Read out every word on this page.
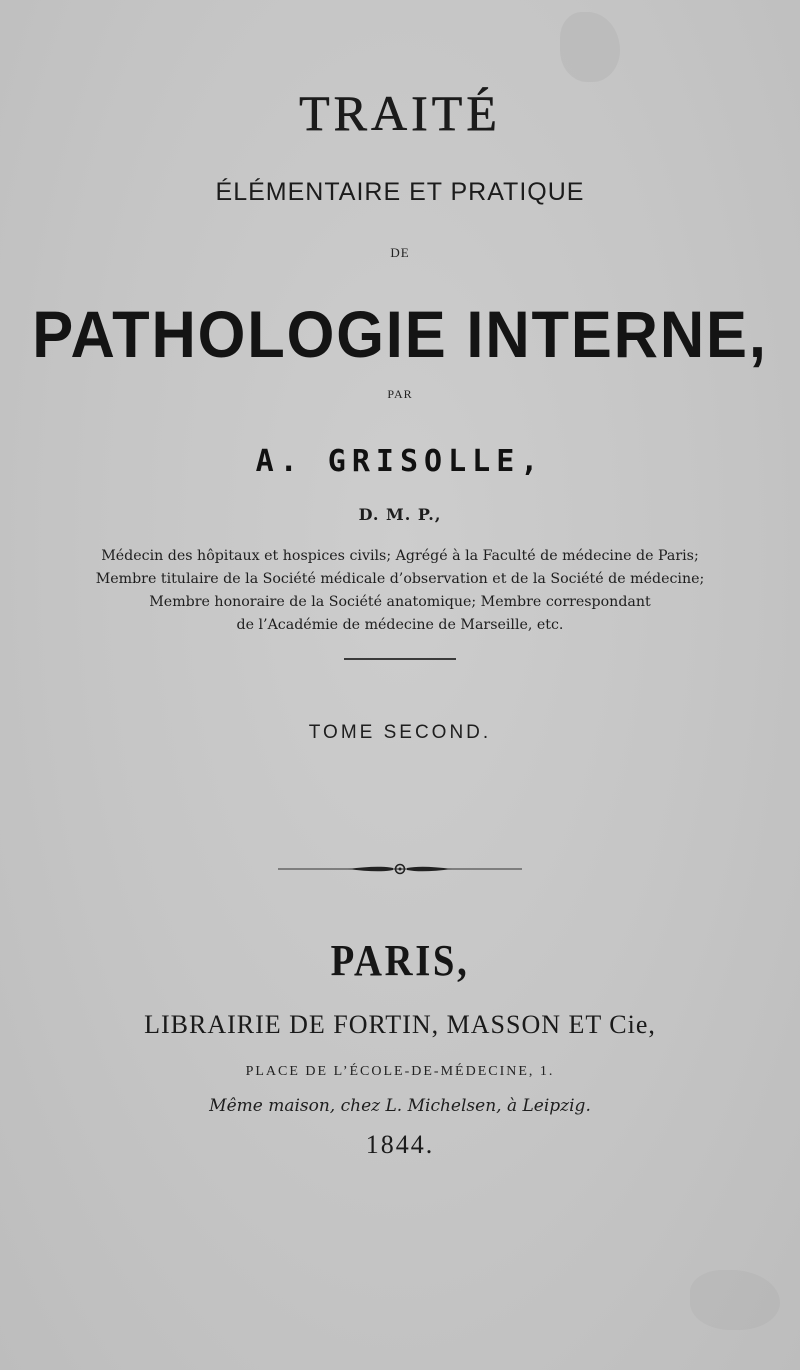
TRAITÉ
ÉLÉMENTAIRE ET PRATIQUE
DE
PATHOLOGIE INTERNE,
PAR
A. GRISOLLE,
D. M. P.,
Médecin des hôpitaux et hospices civils; Agrégé à la Faculté de médecine de Paris;
Membre titulaire de la Société médicale d’observation et de la Société de médecine;
Membre honoraire de la Société anatomique; Membre correspondant
de l’Académie de médecine de Marseille, etc.
TOME SECOND.
PARIS,
LIBRAIRIE DE FORTIN, MASSON ET Cie,
PLACE DE L’ÉCOLE-DE-MÉDECINE, 1.
Même maison, chez L. Michelsen, à Leipzig.
1844.
